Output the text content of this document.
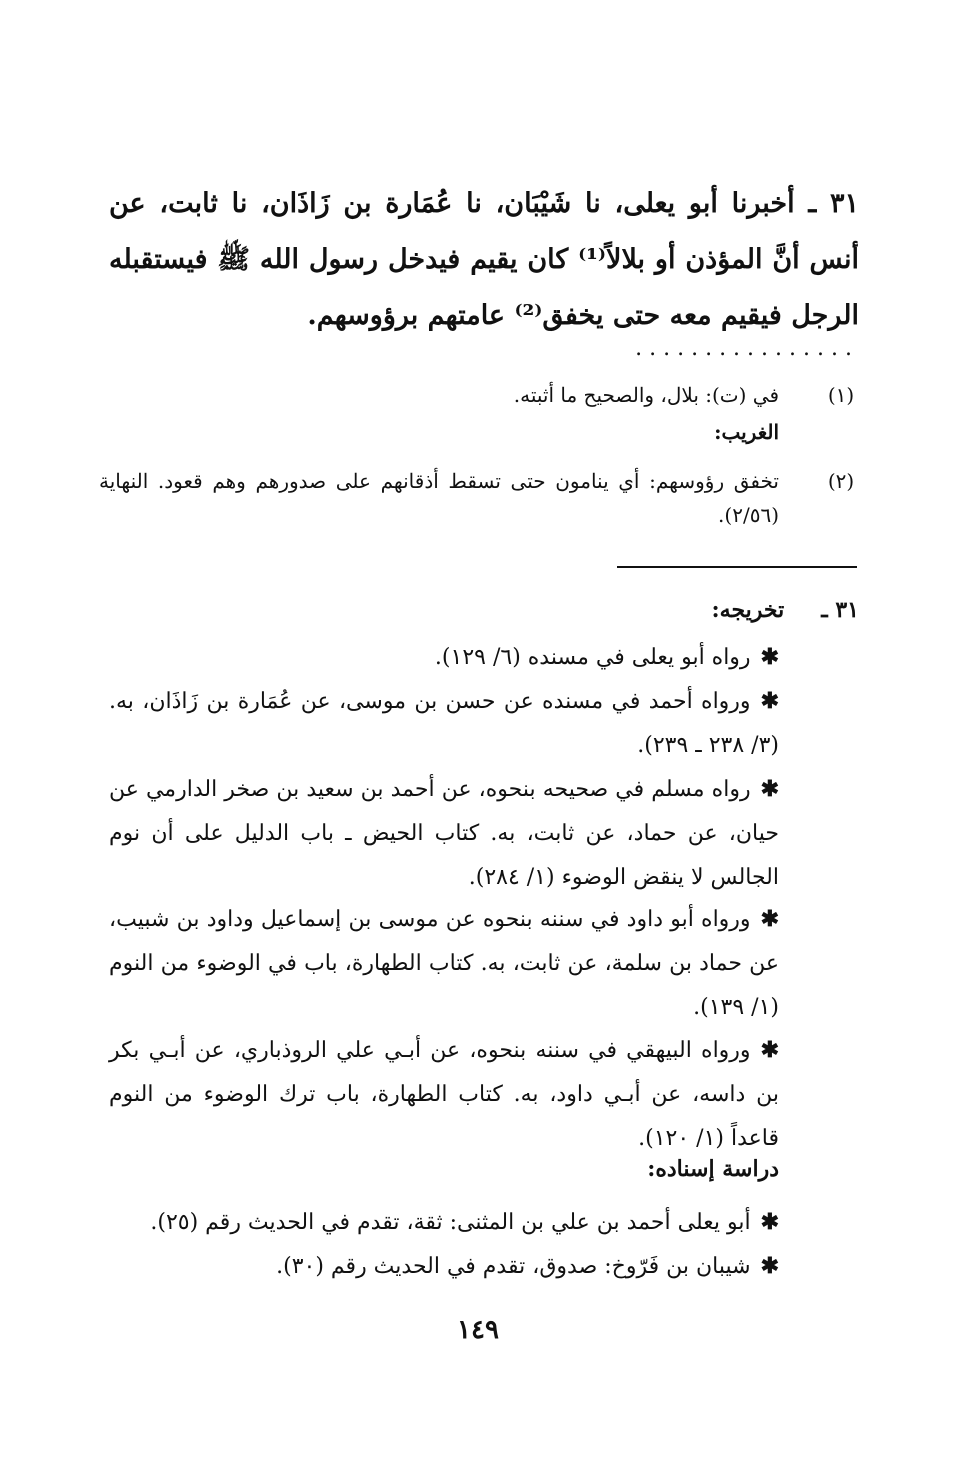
٣١ ـ أخبرنا أبو يعلى، نا شَيْبَان، نا عُمَارة بن زَاذَان، نا ثابت، عن أنس أنَّ المؤذن أو بلالاً⁽¹⁾ كان يقيم فيدخل رسول الله ﷺ فيستقبله الرجل فيقيم معه حتى يخفق⁽²⁾ عامتهم برؤوسهم.
................
(١)
في (ت): بلال، والصحيح ما أثبته.
الغريب:
(٢)
تخفق رؤوسهم: أي ينامون حتى تسقط أذقانهم على صدورهم وهم قعود. النهاية (٢/٥٦).
٣١ ـ تخريجه:
✱رواه أبو يعلى في مسنده (٦/ ١٢٩).
✱ورواه أحمد في مسنده عن حسن بن موسى، عن عُمَارة بن زَاذَان، به. (٣/ ٢٣٨ ـ ٢٣٩).
✱رواه مسلم في صحيحه بنحوه، عن أحمد بن سعيد بن صخر الدارمي عن حيان، عن حماد، عن ثابت، به. كتاب الحيض ـ باب الدليل على أن نوم الجالس لا ينقض الوضوء (١/ ٢٨٤).
✱ورواه أبو داود في سننه بنحوه عن موسى بن إسماعيل وداود بن شبيب، عن حماد بن سلمة، عن ثابت، به. كتاب الطهارة، باب في الوضوء من النوم (١/ ١٣٩).
✱ورواه البيهقي في سننه بنحوه، عن أبـي علي الروذباري، عن أبـي بكر بن داسه، عن أبـي داود، به. كتاب الطهارة، باب ترك الوضوء من النوم قاعداً (١/ ١٢٠).
دراسة إسناده:
✱أبو يعلى أحمد بن علي بن المثنى: ثقة، تقدم في الحديث رقم (٢٥).
✱شيبان بن فَرّوخ: صدوق، تقدم في الحديث رقم (٣٠).
١٤٩
